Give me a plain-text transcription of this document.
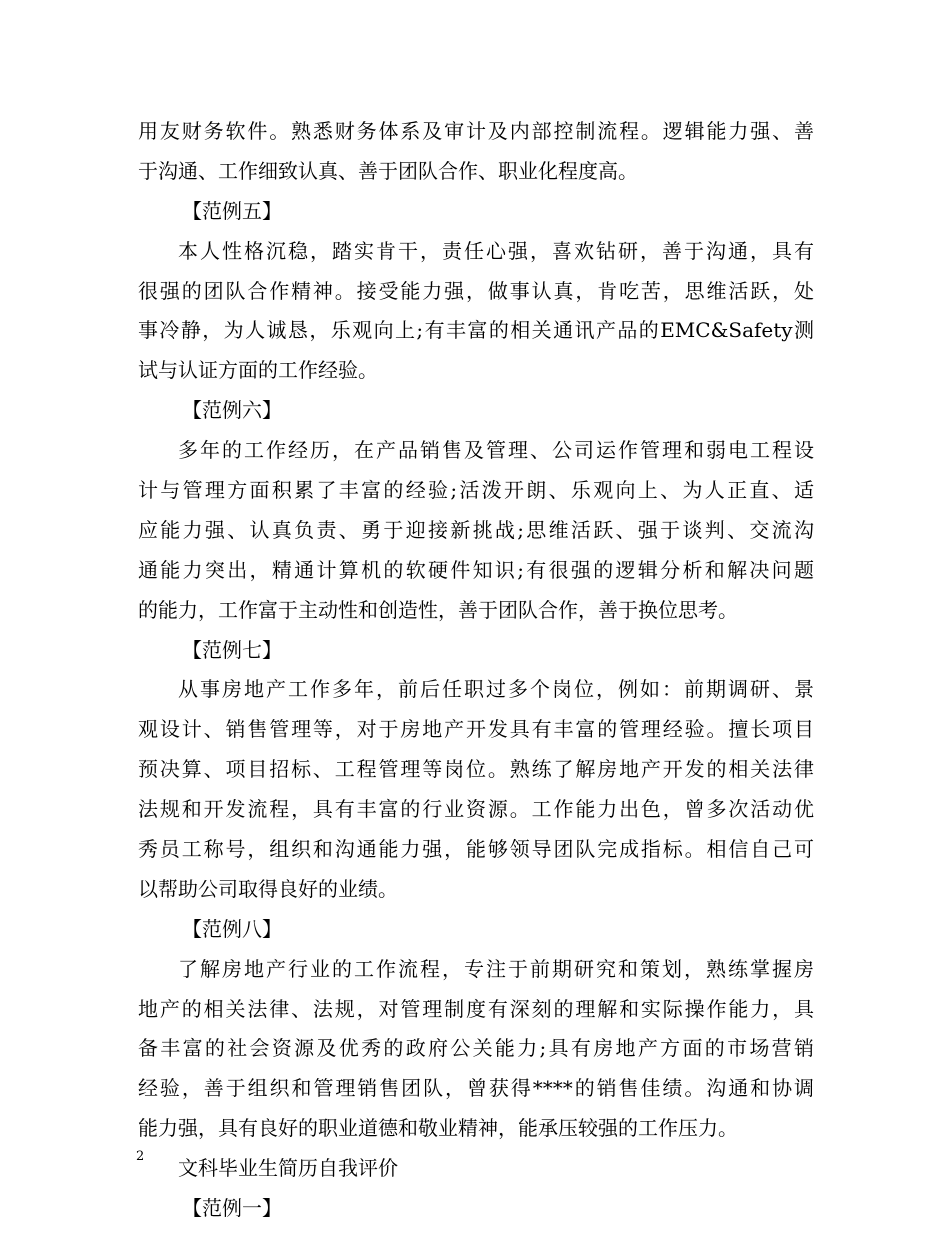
用友财务软件。熟悉财务体系及审计及内部控制流程。逻辑能力强、善
于沟通、工作细致认真、善于团队合作、职业化程度高。
【范例五】
本人性格沉稳，踏实肯干，责任心强，喜欢钻研，善于沟通，具有
很强的团队合作精神。接受能力强，做事认真，肯吃苦，思维活跃，处
事冷静，为人诚恳，乐观向上;有丰富的相关通讯产品的EMC&Safety测
试与认证方面的工作经验。
【范例六】
多年的工作经历，在产品销售及管理、公司运作管理和弱电工程设
计与管理方面积累了丰富的经验;活泼开朗、乐观向上、为人正直、适
应能力强、认真负责、勇于迎接新挑战;思维活跃、强于谈判、交流沟
通能力突出，精通计算机的软硬件知识;有很强的逻辑分析和解决问题
的能力，工作富于主动性和创造性，善于团队合作，善于换位思考。
【范例七】
从事房地产工作多年，前后任职过多个岗位，例如：前期调研、景
观设计、销售管理等，对于房地产开发具有丰富的管理经验。擅长项目
预决算、项目招标、工程管理等岗位。熟练了解房地产开发的相关法律
法规和开发流程，具有丰富的行业资源。工作能力出色，曾多次活动优
秀员工称号，组织和沟通能力强，能够领导团队完成指标。相信自己可
以帮助公司取得良好的业绩。
【范例八】
了解房地产行业的工作流程，专注于前期研究和策划，熟练掌握房
地产的相关法律、法规，对管理制度有深刻的理解和实际操作能力，具
备丰富的社会资源及优秀的政府公关能力;具有房地产方面的市场营销
经验，善于组织和管理销售团队，曾获得****的销售佳绩。沟通和协调
能力强，具有良好的职业道德和敬业精神，能承压较强的工作压力。
文科毕业生简历自我评价
【范例一】
2
